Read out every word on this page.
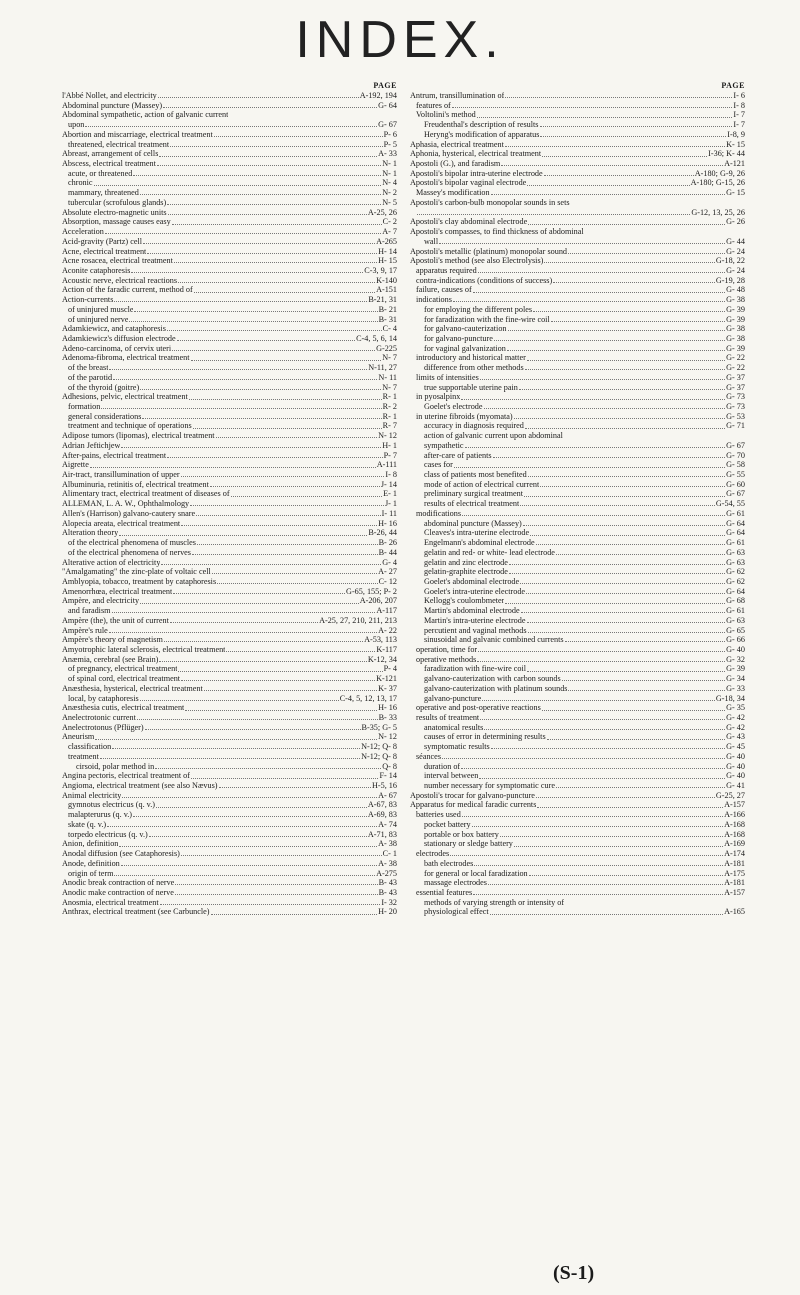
INDEX.
PAGE
l'Abbé Nollet, and electricity	A-192, 194
Abdominal puncture (Massey)	G- 64
Abdominal sympathetic, action of galvanic current
upon	G- 67
Abortion and miscarriage, electrical treatment	P- 6
threatened, electrical treatment	P- 5
Abreast, arrangement of cells	A- 33
Abscess, electrical treatment	N- 1
acute, or threatened	N- 1
chronic	N- 4
mammary, threatened	N- 2
tubercular (scrofulous glands)	N- 5
Absolute electro-magnetic units	A-25, 26
Absorption, massage causes easy	C- 2
Acceleration	A- 7
Acid-gravity (Partz) cell	A-265
Acne, electrical treatment	H- 14
Acne rosacea, electrical treatment	H- 15
Aconite cataphoresis	C-3, 9, 17
Acoustic nerve, electrical reactions	K-140
Action of the faradic current, method of	A-151
Action-currents	B-21, 31
of uninjured muscle	B- 21
of uninjured nerve	B- 31
Adamkiewicz, and cataphoresis	C- 4
Adamkiewicz's diffusion electrode	C-4, 5, 6, 14
Adeno-carcinoma, of cervix uteri	G-225
Adenoma-fibroma, electrical treatment	N- 7
of the breast	N-11, 27
of the parotid	N- 11
of the thyroid (goitre)	N- 7
Adhesions, pelvic, electrical treatment	R- 1
formation	R- 2
general considerations	R- 1
treatment and technique of operations	R- 7
Adipose tumors (lipomas), electrical treatment	N- 12
Adrian Jeftichjew	H- 1
After-pains, electrical treatment	P- 7
Aigrette	A-111
Air-tract, transillumination of upper	I- 8
Albuminuria, retinitis of, electrical treatment	J- 14
Alimentary tract, electrical treatment of diseases of	E- 1
ALLEMAN, L. A. W., Ophthalmology	J- 1
Allen's (Harrison) galvano-cautery snare	I- 11
Alopecia areata, electrical treatment	H- 16
Alteration theory	B-26, 44
of the electrical phenomena of muscles	B- 26
of the electrical phenomena of nerves	B- 44
Alterative action of electricity	G- 4
"Amalgamating" the zinc-plate of voltaic cell	A- 27
Amblyopia, tobacco, treatment by cataphoresis	C- 12
Amenorrhœa, electrical treatment	G-65, 155; P- 2
Ampère, and electricity	A-206, 207
and faradism	A-117
Ampère (the), the unit of current	A-25, 27, 210, 211, 213
Ampère's rule	A- 22
Ampère's theory of magnetism	A-53, 113
Amyotrophic lateral sclerosis, electrical treatment	K-117
Anæmia, cerebral (see Brain)	K-12, 34
of pregnancy, electrical treatment	P- 4
of spinal cord, electrical treatment	K-121
Anæsthesia, hysterical, electrical treatment	K- 37
local, by cataphoresis	C-4, 5, 12, 13, 17
Anæsthesia cutis, electrical treatment	H- 16
Anelectrotonic current	B- 33
Anelectrotonus (Pflüger)	B-35; G- 5
Aneurism	N- 12
classification	N-12; Q- 8
treatment	N-12; Q- 8
cirsoid, polar method in	Q- 8
Angina pectoris, electrical treatment of	F- 14
Angioma, electrical treatment (see also Nævus)	H-5, 16
Animal electricity	A- 67
gymnotus electricus (q. v.)	A-67, 83
malapterurus (q. v.)	A-69, 83
skate (q. v.)	A- 74
torpedo electricus (q. v.)	A-71, 83
Anion, definition	A- 38
Anodal diffusion (see Cataphoresis)	C- 1
Anode, definition	A- 38
origin of term	A-275
Anodic break contraction of nerve	B- 43
Anodic make contraction of nerve	B- 43
Anosmia, electrical treatment	I- 32
Anthrax, electrical treatment (see Carbuncle)	H- 20
PAGE
Antrum, transillumination of	I- 6
features of	I- 8
Voltolini's method	I- 7
Freudenthal's description of results	I- 7
Heryng's modification of apparatus	I-8, 9
Aphasia, electrical treatment	K- 15
Aphonia, hysterical, electrical treatment	I-36; K- 44
Apostoli (G.), and faradism	A-121
Apostoli's bipolar intra-uterine electrode	A-180; G-9, 26
Apostoli's bipolar vaginal electrode	A-180; G-15, 26
Massey's modification	G- 15
Apostoli's carbon-bulb monopolar sounds in sets
G-12, 13, 25, 26
Apostoli's clay abdominal electrode	G- 26
Apostoli's compasses, to find thickness of abdominal
wall	G- 44
Apostoli's metallic (platinum) monopolar sound	G- 24
Apostoli's method (see also Electrolysis)	G-18, 22
apparatus required	G- 24
contra-indications (conditions of success)	G-19, 28
failure, causes of	G- 48
indications	G- 38
for employing the different poles	G- 39
for faradization with the fine-wire coil	G- 39
for galvano-cauterization	G- 38
for galvano-puncture	G- 38
for vaginal galvanization	G- 39
introductory and historical matter	G- 22
difference from other methods	G- 22
limits of intensities	G- 37
true supportable uterine pain	G- 37
in pyosalpinx	G- 73
Goelet's electrode	G- 73
in uterine fibroids (myomata)	G- 53
accuracy in diagnosis required	G- 71
action of galvanic current upon abdominal
sympathetic	G- 67
after-care of patients	G- 70
cases for	G- 58
class of patients most benefited	G- 55
mode of action of electrical current	G- 60
preliminary surgical treatment	G- 67
results of electrical treatment	G-54, 55
modifications	G- 61
abdominal puncture (Massey)	G- 64
Cleaves's intra-uterine electrode	G- 64
Engelmann's abdominal electrode	G- 61
gelatin and red- or white- lead electrode	G- 63
gelatin and zinc electrode	G- 63
gelatin-graphite electrode	G- 62
Goelet's abdominal electrode	G- 62
Goelet's intra-uterine electrode	G- 64
Kellogg's coulombmeter	G- 68
Martin's abdominal electrode	G- 61
Martin's intra-uterine electrode	G- 63
percutient and vaginal methods	G- 65
sinusoidal and galvanic combined currents	G- 66
operation, time for	G- 40
operative methods	G- 32
faradization with fine-wire coil	G- 39
galvano-cauterization with carbon sounds	G- 34
galvano-cauterization with platinum sounds	G- 33
galvano-puncture	G-18, 34
operative and post-operative reactions	G- 35
results of treatment	G- 42
anatomical results	G- 42
causes of error in determining results	G- 43
symptomatic results	G- 45
séances	G- 40
duration of	G- 40
interval between	G- 40
number necessary for symptomatic cure	G- 41
Apostoli's trocar for galvano-puncture	G-25, 27
Apparatus for medical faradic currents	A-157
batteries used	A-166
pocket battery	A-168
portable or box battery	A-168
stationary or sledge battery	A-169
electrodes	A-174
bath electrodes	A-181
for general or local faradization	A-175
massage electrodes	A-181
essential features	A-157
methods of varying strength or intensity of
physiological effect	A-165
(S-1)
